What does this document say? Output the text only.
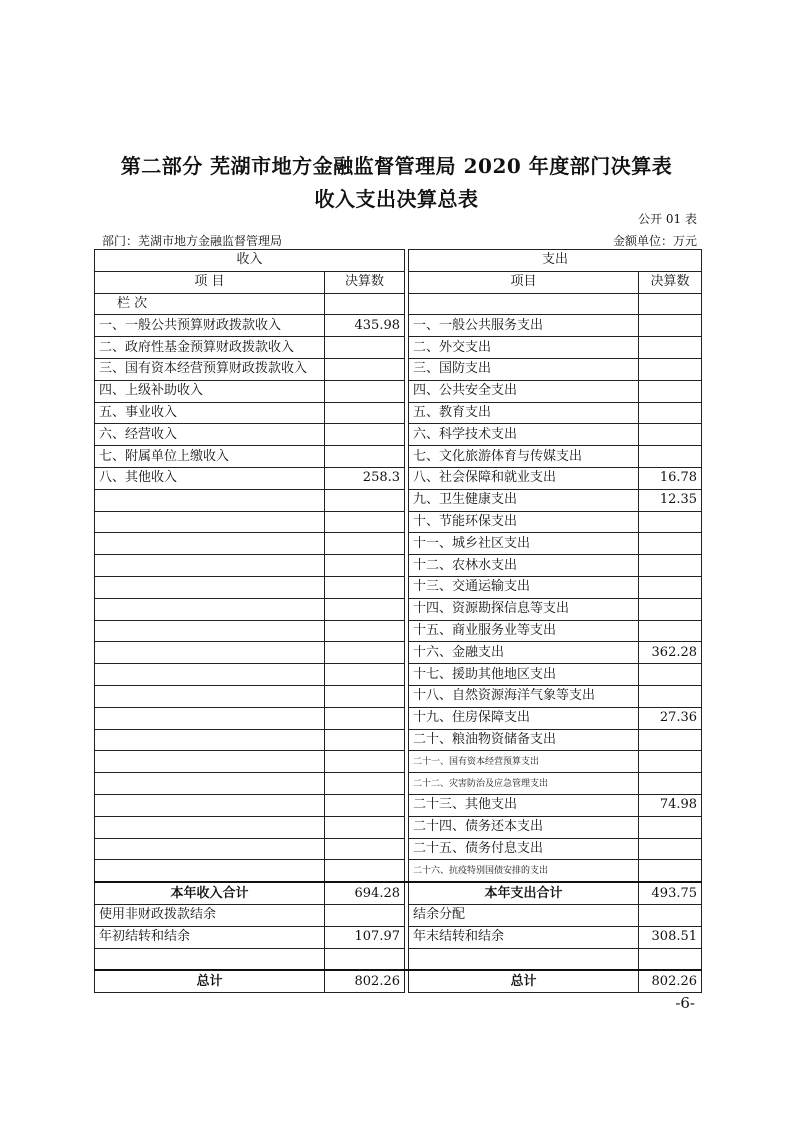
第二部分 芜湖市地方金融监督管理局 2020 年度部门决算表
收入支出决算总表
公开 01 表
部门：芜湖市地方金融监督管理局	金额单位：万元
收入			支出	
项 目	决算数		项目	决算数
栏 次				
一、一般公共预算财政拨款收入	435.98		一、一般公共服务支出	
二、政府性基金预算财政拨款收入			二、外交支出	
三、国有资本经营预算财政拨款收入			三、国防支出	
四、上级补助收入			四、公共安全支出	
五、事业收入			五、教育支出	
六、经营收入			六、科学技术支出	
七、附属单位上缴收入			七、文化旅游体育与传媒支出	
八、其他收入	258.3		八、社会保障和就业支出	16.78
			九、卫生健康支出	12.35
			十、节能环保支出	
			十一、城乡社区支出	
			十二、农林水支出	
			十三、交通运输支出	
			十四、资源勘探信息等支出	
			十五、商业服务业等支出	
			十六、金融支出	362.28
			十七、援助其他地区支出	
			十八、自然资源海洋气象等支出	
			十九、住房保障支出	27.36
			二十、粮油物资储备支出	
			二十一、国有资本经营预算支出	
			二十二、灾害防治及应急管理支出	
			二十三、其他支出	74.98
			二十四、债务还本支出	
			二十五、债务付息支出	
			二十六、抗疫特别国债安排的支出	
本年收入合计	694.28		本年支出合计	493.75
使用非财政拨款结余			结余分配	
年初结转和结余	107.97		年末结转和结余	308.51

总计	802.26		总计	802.26
-6-
